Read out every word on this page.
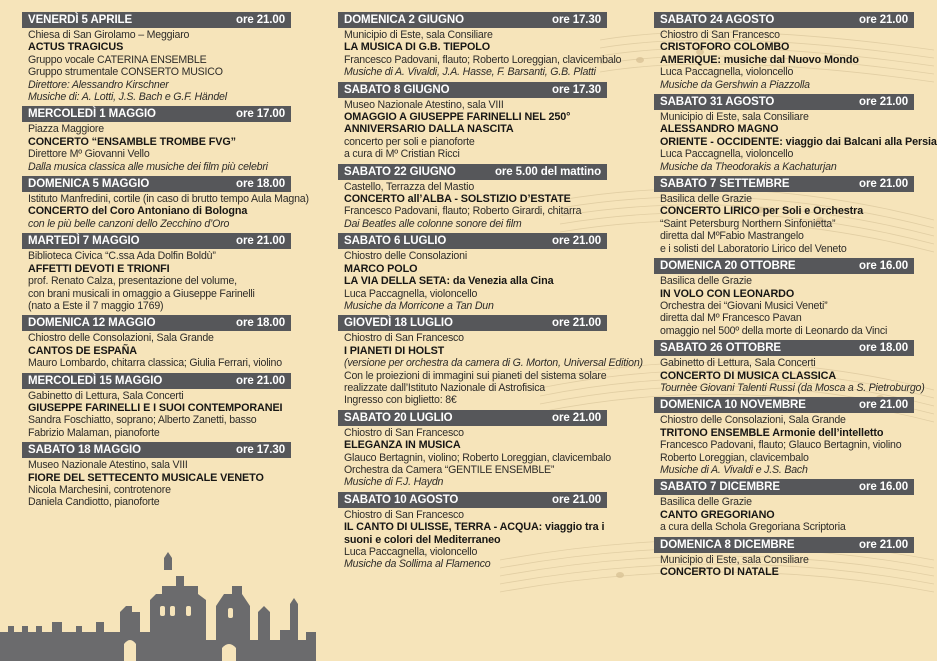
VENERDÌ 5 APRILE	ore 21.00
Chiesa di San Girolamo – Meggiaro
ACTUS TRAGICUS
Gruppo vocale CATERINA ENSEMBLE
Gruppo strumentale CONSERTO MUSICO
Direttore: Alessandro Kirschner
Musiche di: A. Lotti, J.S. Bach e G.F. Händel
MERCOLEDÌ 1 MAGGIO	ore 17.00
Piazza Maggiore
CONCERTO “ENSAMBLE TROMBE FVG”
Direttore Mº Giovanni Vello
Dalla musica classica alle musiche dei film più celebri
DOMENICA 5 MAGGIO	ore 18.00
Istituto Manfredini, cortile (in caso di brutto tempo Aula Magna)
CONCERTO del Coro Antoniano di Bologna
con le più belle canzoni dello Zecchino d’Oro
MARTEDÌ 7 MAGGIO	ore 21.00
Biblioteca Civica “C.ssa Ada Dolfin Boldù”
AFFETTI DEVOTI E TRIONFI
prof. Renato Calza, presentazione del volume,
con brani musicali in omaggio a Giuseppe Farinelli
(nato a Este il 7 maggio 1769)
DOMENICA 12 MAGGIO	ore 18.00
Chiostro delle Consolazioni, Sala Grande
CANTOS DE ESPAÑA
Mauro Lombardo, chitarra classica; Giulia Ferrari, violino
MERCOLEDÌ 15 MAGGIO	ore 21.00
Gabinetto di Lettura, Sala Concerti
GIUSEPPE FARINELLI E I SUOI CONTEMPORANEI
Sandra Foschiatto, soprano; Alberto Zanetti, basso
Fabrizio Malaman, pianoforte
SABATO 18 MAGGIO	ore 17.30
Museo Nazionale Atestino, sala VIII
FIORE DEL SETTECENTO MUSICALE VENETO
Nicola Marchesini, controtenore
Daniela Candiotto, pianoforte
DOMENICA 2 GIUGNO	ore 17.30
Municipio di Este, sala Consiliare
LA MUSICA DI G.B. TIEPOLO
Francesco Padovani, flauto; Roberto Loreggian, clavicembalo
Musiche di A. Vivaldi, J.A. Hasse, F. Barsanti, G.B. Platti
SABATO 8 GIUGNO	ore 17.30
Museo Nazionale Atestino, sala VIII
OMAGGIO A GIUSEPPE FARINELLI NEL 250°
ANNIVERSARIO DALLA NASCITA
concerto per soli e pianoforte
a cura di Mº Cristian Ricci
SABATO 22 GIUGNO	ore 5.00 del mattino
Castello, Terrazza del Mastio
CONCERTO all’ALBA - SOLSTIZIO D’ESTATE
Francesco Padovani, flauto; Roberto Girardi, chitarra
Dai Beatles alle colonne sonore dei film
SABATO 6 LUGLIO	ore 21.00
Chiostro delle Consolazioni
MARCO POLO
LA VIA DELLA SETA: da Venezia alla Cina
Luca Paccagnella, violoncello
Musiche da Morricone a Tan Dun
GIOVEDÌ 18 LUGLIO	ore 21.00
Chiostro di San Francesco
I PIANETI DI HOLST
(versione per orchestra da camera di G. Morton, Universal Edition)
Con le proiezioni di immagini sui pianeti del sistema solare
realizzate dall’Istituto Nazionale di Astrofisica
Ingresso con biglietto: 8€
SABATO 20 LUGLIO	ore 21.00
Chiostro di San Francesco
ELEGANZA IN MUSICA
Glauco Bertagnin, violino; Roberto Loreggian, clavicembalo
Orchestra da Camera “GENTILE ENSEMBLE”
Musiche di F.J. Haydn
SABATO 10 AGOSTO	ore 21.00
Chiostro di San Francesco
IL CANTO DI ULISSE, TERRA - ACQUA: viaggio tra i
suoni e colori del Mediterraneo
Luca Paccagnella, violoncello
Musiche da Sollima al Flamenco
SABATO 24 AGOSTO	ore 21.00
Chiostro di San Francesco
CRISTOFORO COLOMBO
AMERIQUE: musiche dal Nuovo Mondo
Luca Paccagnella, violoncello
Musiche da Gershwin a Piazzolla
SABATO 31 AGOSTO	ore 21.00
Municipio di Este, sala Consiliare
ALESSANDRO MAGNO
ORIENTE - OCCIDENTE: viaggio dai Balcani alla Persia
Luca Paccagnella, violoncello
Musiche da Theodorakis a Kachaturjan
SABATO 7 SETTEMBRE	ore 21.00
Basilica delle Grazie
CONCERTO LIRICO per Soli e Orchestra
“Saint Petersburg Northern Sinfonietta”
diretta dal MºFabio Mastrangelo
e i solisti del Laboratorio Lirico del Veneto
DOMENICA 20 OTTOBRE	ore 16.00
Basilica delle Grazie
IN VOLO CON LEONARDO
Orchestra dei “Giovani Musici Veneti”
diretta dal Mº Francesco Pavan
omaggio nel 500º della morte di Leonardo da Vinci
SABATO 26 OTTOBRE	ore 18.00
Gabinetto di Lettura, Sala Concerti
CONCERTO DI MUSICA CLASSICA
Tournèe Giovani Talenti Russi (da Mosca a S. Pietroburgo)
DOMENICA 10 NOVEMBRE	ore 21.00
Chiostro delle Consolazioni, Sala Grande
TRITONO ENSEMBLE Armonie dell’intelletto
Francesco Padovani, flauto; Glauco Bertagnin, violino
Roberto Loreggian, clavicembalo
Musiche di A. Vivaldi e J.S. Bach
SABATO 7 DICEMBRE	ore 16.00
Basilica delle Grazie
CANTO GREGORIANO
a cura della Schola Gregoriana Scriptoria
DOMENICA 8 DICEMBRE	ore 21.00
Municipio di Este, sala Consiliare
CONCERTO DI NATALE
